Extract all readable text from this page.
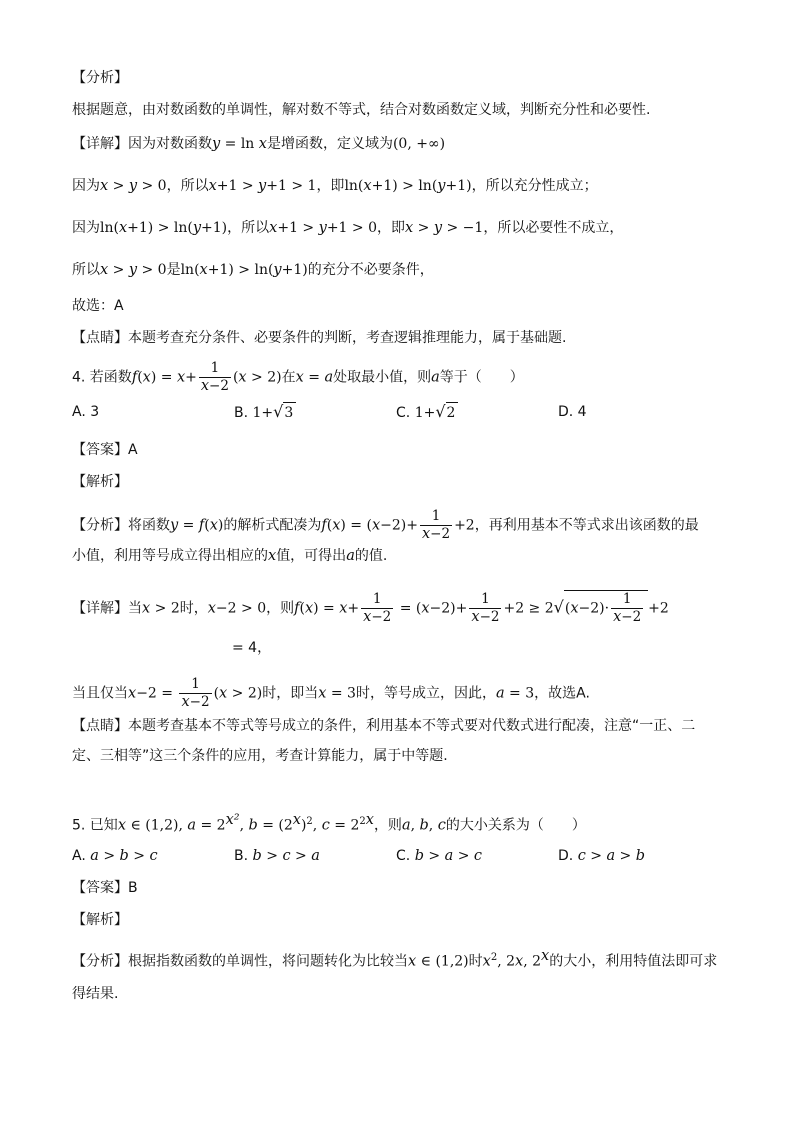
【分析】
根据题意，由对数函数的单调性，解对数不等式，结合对数函数定义域，判断充分性和必要性.
【详解】因为对数函数y = ln x是增函数，定义域为(0, +∞)
因为x > y > 0，所以x+1 > y+1 > 1，即ln(x+1) > ln(y+1)，所以充分性成立；
因为ln(x+1) > ln(y+1)，所以x+1 > y+1 > 0，即x > y > −1，所以必要性不成立，
所以x > y > 0是ln(x+1) > ln(y+1)的充分不必要条件，
故选：A
【点睛】本题考查充分条件、必要条件的判断，考查逻辑推理能力，属于基础题.
4. 若函数$f(x) = x+ \frac{1}{x-2} (x > 2)$在x = a处取最小值，则a等于（　　）
A. 3	B. 1+√3	C. 1+√2	D. 4
【答案】A
【解析】
【分析】将函数y = f(x)的解析式配凑为$f(x) = (x-2)+ \frac{1}{x-2} +2$，再利用基本不等式求出该函数的最
小值，利用等号成立得出相应的x值，可得出a的值.
【详解】当x > 2时，x−2 > 0，则$f(x) = x+ \frac{1}{x-2} = (x-2)+ \frac{1}{x-2} +2 \ge 2√(x-2)\cdot \frac{1}{x-2} +2$
= 4，
当且仅当$x-2 = \frac{1}{x-2} (x > 2)$时，即当x = 3时，等号成立，因此，a = 3，故选A.
【点睛】本题考查基本不等式等号成立的条件，利用基本不等式要对代数式进行配凑，注意“一正、二
定、三相等”这三个条件的应用，考查计算能力，属于中等题.
5. 已知x ∈ (1,2), $a = 2^{x^2}$, $b = (2^x)^2$, $c = 2^{2x}$，则a, b, c的大小关系为（　　）
A. a > b > c	B. b > c > a	C. b > a > c	D. c > a > b
【答案】B
【解析】
【分析】根据指数函数的单调性，将问题转化为比较当x ∈ (1,2)时$x^2$, 2x, 2$^x$的大小，利用特值法即可求
得结果.
